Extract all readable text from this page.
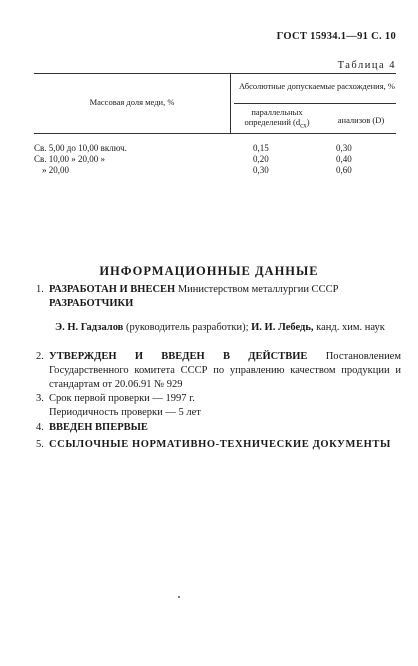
ГОСТ 15934.1—91 С. 10
Таблица 4
Массовая доля меди, %
Абсолютные допускаемые расхождения, %
параллельных определений $(d_{сх})$	анализов (D)
Св. 5,00 до 10,00 включ.	0,15	0,30
Св. 10,00 » 20,00 »	0,20	0,40
» 20,00	0,30	0,60
ИНФОРМАЦИОННЫЕ ДАННЫЕ
1. РАЗРАБОТАН И ВНЕСЕН Министерством металлургии СССР
РАЗРАБОТЧИКИ
Э. Н. Гадзалов (руководитель разработки); И. И. Лебедь, канд. хим. наук
2. УТВЕРЖДЕН И ВВЕДЕН В ДЕЙСТВИЕ Постановлением Государственного комитета СССР по управлению качеством продукции и стандартам от 20.06.91 № 929
3. Срок первой проверки — 1997 г.
Периодичность проверки — 5 лет
4. ВВЕДЕН ВПЕРВЫЕ
5. ССЫЛОЧНЫЕ НОРМАТИВНО-ТЕХНИЧЕСКИЕ ДОКУМЕНТЫ
